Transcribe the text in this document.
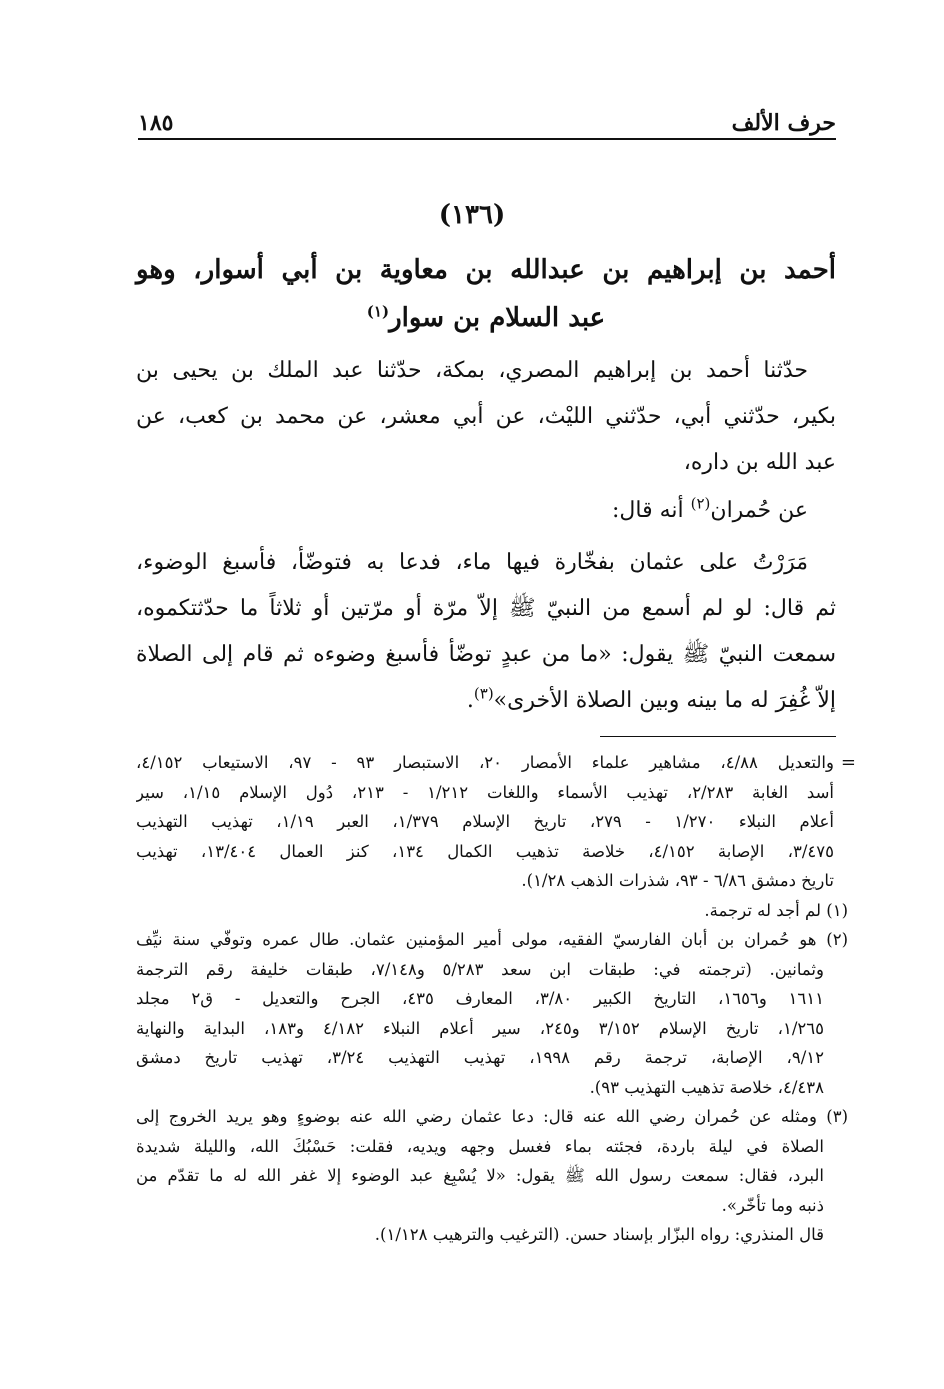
حرف الألف
١٨٥
(١٣٦)
أحمد بن إبراهيم بن عبدالله بن معاوية بن أبي أسوار، وهو
عبد السلام بن سوار$^{(١)}$
حدّثنا أحمد بن إبراهيم المصري، بمكة، حدّثنا عبد الملك بن يحيى بن
بكير، حدّثني أبي، حدّثني الليْث، عن أبي معشر، عن محمد بن كعب، عن
عبد الله بن داره،
عن حُمران$^{(٢)}$ أنه قال:
مَرَرْتُ على عثمان بفخّارة فيها ماء، فدعا به فتوضّأ، فأسبغ الوضوء،
ثم قال: لو لم أسمع من النبيّ ﷺ إلاّ مرّة أو مرّتين أو ثلاثاً ما حدّثتكموه،
سمعت النبيّ ﷺ يقول: «ما من عبدٍ توضّأ فأسبغ وضوءه ثم قام إلى الصلاة
إلاّ غُفِرَ له ما بينه وبين الصلاة الأخرى»$^{(٣)}$.
=
والتعديل ٤/٨٨، مشاهير علماء الأمصار ٢٠، الاستبصار ٩٣ - ٩٧، الاستيعاب ٤/١٥٢،
أسد الغابة ٢/٢٨٣، تهذيب الأسماء واللغات ١/٢١٢ - ٢١٣، دُول الإسلام ١/١٥، سير
أعلام النبلاء ١/٢٧٠ - ٢٧٩، تاريخ الإسلام ١/٣٧٩، العبر ١/١٩، تهذيب التهذيب
٣/٤٧٥، الإصابة ٤/١٥٢، خلاصة تذهيب الكمال ١٣٤، كنز العمال ١٣/٤٠٤، تهذيب
تاريخ دمشق ٦/٨٦ - ٩٣، شذرات الذهب ١/٢٨).
(١) لم أجد له ترجمة.
(٢) هو حُمران بن أبان الفارسيّ الفقيه، مولى أمير المؤمنين عثمان. طال عمره وتوفّي سنة نيِّف
وثمانين. (ترجمته في: طبقات ابن سعد ٥/٢٨٣ و٧/١٤٨، طبقات خليفة رقم الترجمة
١٦١١ و١٦٥٦، التاريخ الكبير ٣/٨٠، المعارف ٤٣٥، الجرح والتعديل - ق٢ مجلد
١/٢٦٥، تاريخ الإسلام ٣/١٥٢ و٢٤٥، سير أعلام النبلاء ٤/١٨٢ و١٨٣، البداية والنهاية
٩/١٢، الإصابة، ترجمة رقم ١٩٩٨، تهذيب التهذيب ٣/٢٤، تهذيب تاريخ دمشق
٤/٤٣٨، خلاصة تذهيب التهذيب ٩٣).
(٣) ومثله عن حُمران رضي الله عنه قال: دعا عثمان رضي الله عنه بوضوءٍ وهو يريد الخروج إلى
الصلاة في ليلة باردة، فجئته بماء فغسل وجهه ويديه، فقلت: حَسْبُكَ الله، والليلة شديدة
البرد، فقال: سمعت رسول الله ﷺ يقول: «لا يُسْبِغ عبد الوضوء إلا غفر الله له ما تقدّم من
ذنبه وما تأخّر».
قال المنذري: رواه البزّار بإسناد حسن. (الترغيب والترهيب ١/١٢٨).
